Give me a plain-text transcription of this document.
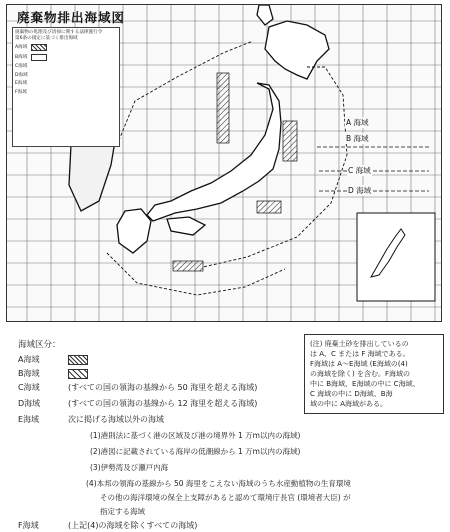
廃棄物排出海域図
廃棄物の処理及び清掃に関する法律施行令
第6条の規定に基づく排出海域
A海域
B海域
C海域
D海域
E海域
F海域
A 海域
B 海域
C 海域
D 海域
(注) 廃棄土砂を排出しているの
は A、C または F 海域である。
F海域は A〜E海域 (E海域の(4)
の海域を除く) を含む。F海域の
中に B海域、E海域の中に C海域、
C 海域の中に D海域、B海
域の中に A海域がある。
海域区分：
A海域
B海域
C海域	(すべての国の領海の基線から 50 海里を超える海域)
D海域	(すべての国の領海の基線から 12 海里を超える海域)
E海域	次に掲げる海域以外の海域
(1)港則法に基づく港の区域及び港の境界外 1 万m以内の海域)
(2)港図に記載されている海岸の低潮線から 1 万m以内の海域)
(3)伊勢湾及び瀬戸内海
(4)本邦の領海の基線から 50 海里をこえない海域のうち水産動植物の生育環境
その他の海洋環境の保全上支障があると認めて環境庁長官 (環境者大臣) が
指定する海域
F海域	(上記(4)の海域を除くすべての海域)
